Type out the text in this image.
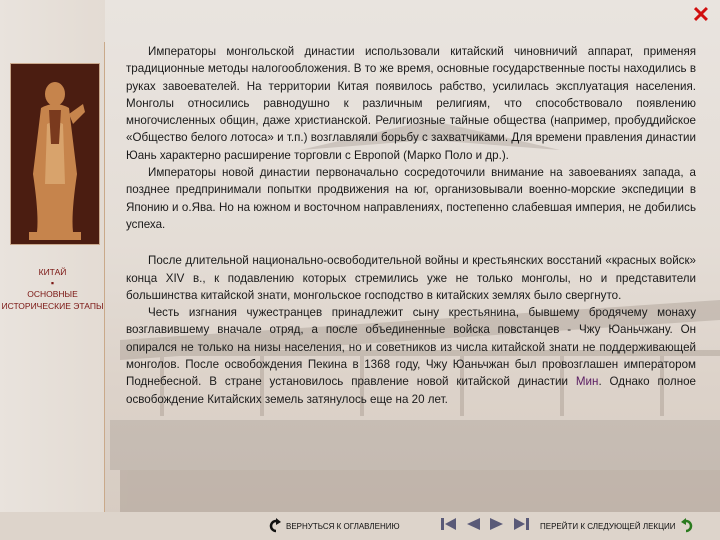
КИТАЙ
▪
ОСНОВНЫЕ ИСТОРИЧЕСКИЕ ЭТАПЫ
✕

Императоры монгольской династии использовали китайский чиновничий аппарат, применяя традиционные методы налогообложения. В то же время, основные государственные посты находились в руках завоевателей. На территории Китая появилось рабство, усилилась эксплуатация населения. Монголы относились равнодушно к различным религиям, что способствовало появлению многочисленных общин, даже христианской. Религиозные тайные общества (например, пробуддийское «Общество белого лотоса» и т.п.) возглавляли борьбу с захватчиками. Для времени правления династии Юань характерно расширение торговли с Европой (Марко Поло и др.).

Императоры новой династии первоначально сосредоточили внимание на завоеваниях запада, а позднее предпринимали попытки продвижения на юг, организовывали военно-морские экспедиции в Японию и о.Ява. Но на южном и восточном направлениях, постепенно слабевшая империя, не добились успеха.

После длительной национально-освободительной войны и крестьянских восстаний «красных войск» конца XIV в., к подавлению которых стремились уже не только монголы, но и представители большинства китайской знати, монгольское господство в китайских землях было свергнуто.

Честь изгнания чужестранцев принадлежит сыну крестьянина, бывшему бродячему монаху возглавившему вначале отряд, а после объединенные войска повстанцев - Чжу Юаньчжану. Он опирался не только на низы населения, но и советников из числа китайской знати не поддерживающей монголов. После освобождения Пекина в 1368 году, Чжу Юаньчжан был провозглашен императором Поднебесной. В стране установилось правление новой китайской династии Мин. Однако полное освобождение Китайских земель затянулось еще на 20 лет.

ВЕРНУТЬСЯ К ОГЛАВЛЕНИЮ	ПЕРЕЙТИ К СЛЕДУЮЩЕЙ ЛЕКЦИИ
